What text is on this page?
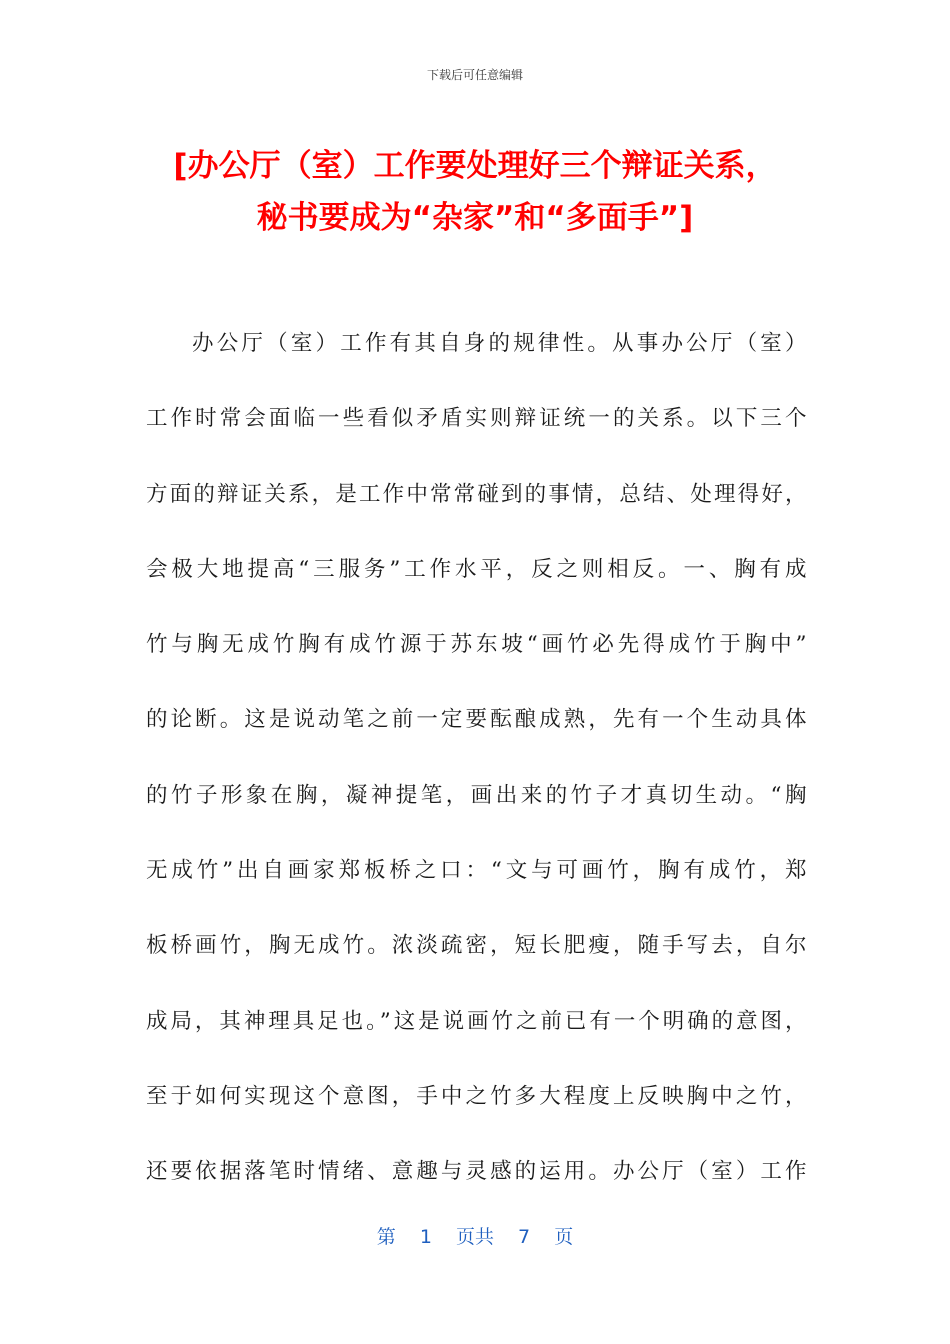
下载后可任意编辑
[办公厅（室）工作要处理好三个辩证关系，
秘书要成为“杂家”和“多面手”]
办公厅（室）工作有其自身的规律性。从事办公厅（室）
工作时常会面临一些看似矛盾实则辩证统一的关系。以下三个
方面的辩证关系，是工作中常常碰到的事情，总结、处理得好，
会极大地提高“三服务”工作水平，反之则相反。一、胸有成
竹与胸无成竹胸有成竹源于苏东坡“画竹必先得成竹于胸中”
的论断。这是说动笔之前一定要酝酿成熟，先有一个生动具体
的竹子形象在胸，凝神提笔，画出来的竹子才真切生动。“胸
无成竹”出自画家郑板桥之口：“文与可画竹，胸有成竹，郑
板桥画竹，胸无成竹。浓淡疏密，短长肥瘦，随手写去，自尔
成局，其神理具足也。”这是说画竹之前已有一个明确的意图，
至于如何实现这个意图，手中之竹多大程度上反映胸中之竹，
还要依据落笔时情绪、意趣与灵感的运用。办公厅（室）工作
第 1 页共 7 页
